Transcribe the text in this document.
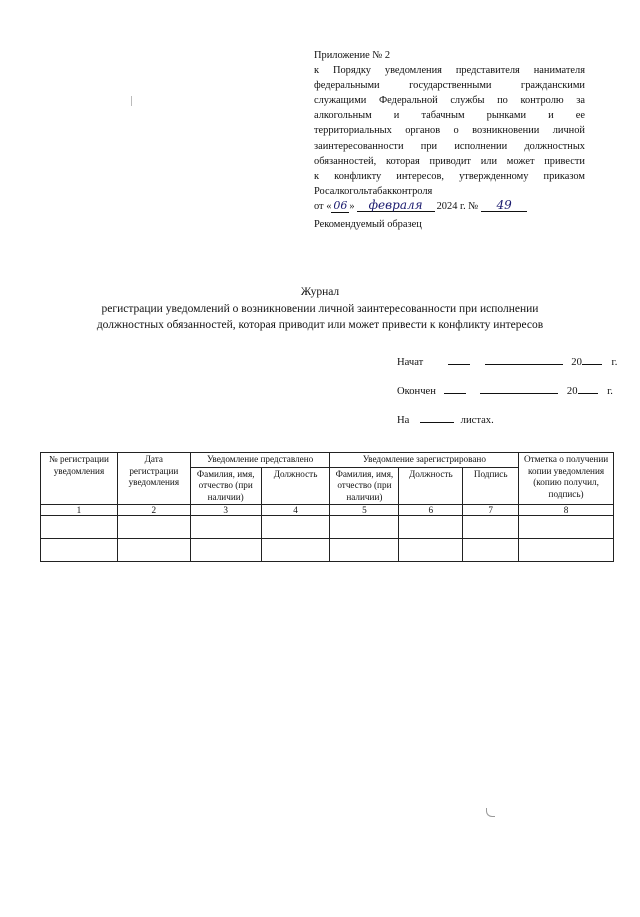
Приложение № 2
к Порядку уведомления представителя нанимателя
федеральными государственными гражданскими
служащими Федеральной службы по контролю за
алкогольным и табачным рынками и ее
территориальных органов о возникновении личной
заинтересованности при исполнении должностных
обязанностей, которая приводит или может привести
к конфликту интересов, утвержденному приказом
Росалкогольтабакконтроля
от « 06 »	февраля	2024 г. №	49
Рекомендуемый образец
Журнал
регистрации уведомлений о возникновении личной заинтересованности при исполнении
должностных обязанностей, которая приводит или может привести к конфликту интересов
Начат	20	г.
Окончен	20	г.
На	листах.
№ регистрации уведомления	Дата регистрации уведомления	Уведомление представлено		Уведомление зарегистрировано			Отметка о получении копии уведомления (копию получил, подпись)
		Фамилия, имя, отчество (при наличии)	Должность	Фамилия, имя, отчество (при наличии)	Должность	Подпись	
1	2	3	4	5	6	7	8
